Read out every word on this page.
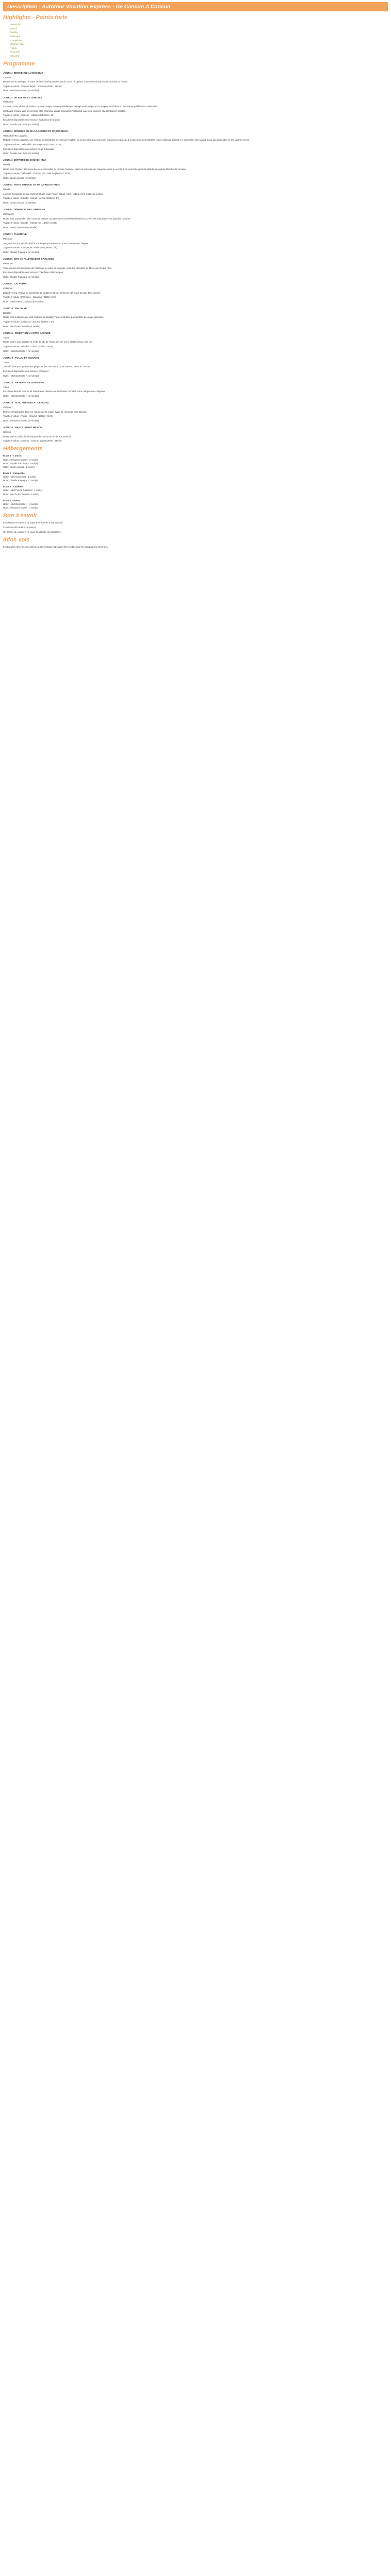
Description - Autotour Vacation Express - De Cancun A Cancun
Highlights - Points forts
• Valladolid
• Uxmal
• Merida
• Palenque
• Campeche
• Chichen Itza
• Tulum
• Cozumel
• Cenotes
Programme
JOUR 1 : BIENVENUE AU MEXIQUE !

Cancún

Bienvenue au Mexique ! À votre arrivée à l'aéroport de Cancún, vous récupérez votre véhicule pour toute la durée du circuit.

Trajet en voiture : Cancun airport - Cancun (20km / 25min)

Hotel: Assistance Suites (or similar)

JOUR 2 : DE BALAM ET CENOTES

Valladolid

Ce matin, vous visitez Ek Balam, un joyau maya, encore partiellement dégagé de la jungle, et connu pour ses frises en stuc remarquablement conservées.

Continuez ensuite vers les cenotes et le charmant village colonial de Valladolid, aux rues colorées et à l'ambiance paisible.

Trajet en voiture : Cancun - Valladolid (160km / 2h)

Excursion disponible (non incluse) : Coba (sur demande)

Hotel: Posada San Juan (or similar)

JOUR 3 : RÉSERVE DE RIA LAGARTOS ET CROCODILES

Valladolid / Rio Lagartos

Départ vers Rio Lagartos, une réserve de biosphère au nord du Yucatán, où vous embarquez pour une excursion en bateau à la rencontre des flamants roses, pélicans, aigrettes et crocodiles. Découvrez aussi Las Coloradas et ses lagunes roses.

Trajet en voiture : Valladolid - Rio Lagartos (110km / 1h30)

Excursion disponible (non incluse) : Las Coloradas

Hotel: Posada San Juan (or similar)

JOUR 4 : DÉPARTS DE CHICHEN ITZA

Mérida

Route vers Chichen Itza, l'une des sept merveilles du monde moderne. Après la visite du site, baignade dans le cenote Ik Kil avant de rejoindre Mérida, la capitale blanche du Yucatán.

Trajet en voiture : Valladolid - Chichen Itza - Mérida (160km / 2h30)

Hotel: Casa Lecanda (or similar)

JOUR 5 : VISITE D'UXMAL ET DE LA ROUTE PUUC

Mérida

Journée consacrée au site d'Uxmal et à la route Puuc : Kabah, Sayil, Labna et les grottes de Loltun.

Trajet en voiture : Mérida - Uxmal - Mérida (180km / 3h)

Hotel: Casa Lecanda (or similar)

JOUR 6 : DÉPART POUR CAMPECHE

Campeche

Route vers Campeche, ville coloniale classée au patrimoine mondial de l'UNESCO, avec ses remparts et ses façades colorées.

Trajet en voiture : Mérida - Campeche (180km / 2h30)

Hotel: Hotel Castelmar (or similar)

JOUR 7 : PALENQUE

Palenque

Longue route à travers la forêt tropicale jusqu'à Palenque, porte d'entrée du Chiapas.

Trajet en voiture : Campeche - Palenque (360km / 5h)

Hotel: Chablis Palenque (or similar)

JOUR 8 : SITE DE PALENQUE ET CASCADES

Palenque

Visite du site archéologique de Palenque au cœur de la jungle, puis des cascades de Misol-Ha et Agua Azul.

Excursion disponible (non incluse) : Yaxchilan et Bonampak

Hotel: Chablis Palenque (or similar)

JOUR 9 : CALAKMUL

Calakmul

Départ vers la réserve de biosphère de Calakmul et son immense cité maya perdue dans la forêt.

Trajet en voiture : Palenque - Calakmul (360km / 5h)

Hotel: Hotel Puerta Calakmul (or similar)

JOUR 10 : BACALAR

Bacalar

Route vers la lagune aux sept couleurs de Bacalar. Après-midi libre pour profiter des eaux turquoise.

Trajet en voiture : Calakmul - Bacalar (300km / 4h)

Hotel: Rancho Encantado (or similar)

JOUR 11 : DIRECTION LA CÔTE CARAÏBE

Tulum

Route vers la côte caraïbe et visite du site de Tulum, perché sur les falaises face à la mer.

Trajet en voiture : Bacalar - Tulum (210km / 2h45)

Hotel: Hotel Diamante K (or similar)

JOUR 12 : TULUM ET COZUMEL

Tulum

Journée libre pour profiter des plages et des cenotes ou pour une excursion à Cozumel.

Excursion disponible (non incluse) : Cozumel

Hotel: Hotel Diamante K (or similar)

JOUR 13 : RÉSERVE DE SIAN KAAN

Tulum

Excursion dans la réserve de Sian Ka'an, classée au patrimoine mondial, entre mangroves et lagunes.

Hotel: Hotel Diamante K (or similar)

JOUR 14 : ISTE, FORTUES ET CENOTES

Cancún

Dernières baignades dans les cenotes de la région avant de remonter vers Cancún.

Trajet en voiture : Tulum - Cancún (130km / 1h45)

Hotel: Assistance Suites (or similar)

JOUR 15 : HASTA LUEGO MEXICO

Cancún

Restitution du véhicule à l'aéroport de Cancún et fin de nos services.

Trajet en voiture : Cancún - Cancun airport (20km / 25min)

Hébergements

Étape 1 - Cancún

Hotel: Assistance Suites - 2 nuit(s)

Hotel: Posada San Juan - 2 nuit(s)

Hotel: Casa Lecanda - 2 nuit(s)

Étape 2 - Campeche

Hotel: Hotel Castelmar - 1 nuit(s)

Hotel: Chablis Palenque - 2 nuit(s)

Étape 3 - Calakmul

Hotel: Hotel Puerta Calakmul - 1 nuit(s)

Hotel: Rancho Encantado - 1 nuit(s)

Étape 4 - Tulum

Hotel: Hotel Diamante K - 3 nuit(s)

Hotel: Assistance Suites - 1 nuit(s)

Bon à savoir

Les distances et temps de trajet sont donnés à titre indicatif.

Conditions de location de voiture

Un permis de conduire en cours de validité est obligatoire.

Infos vols

Les horaires des vols sont donnés à titre indicatif et peuvent être modifiés par les compagnies aériennes.
